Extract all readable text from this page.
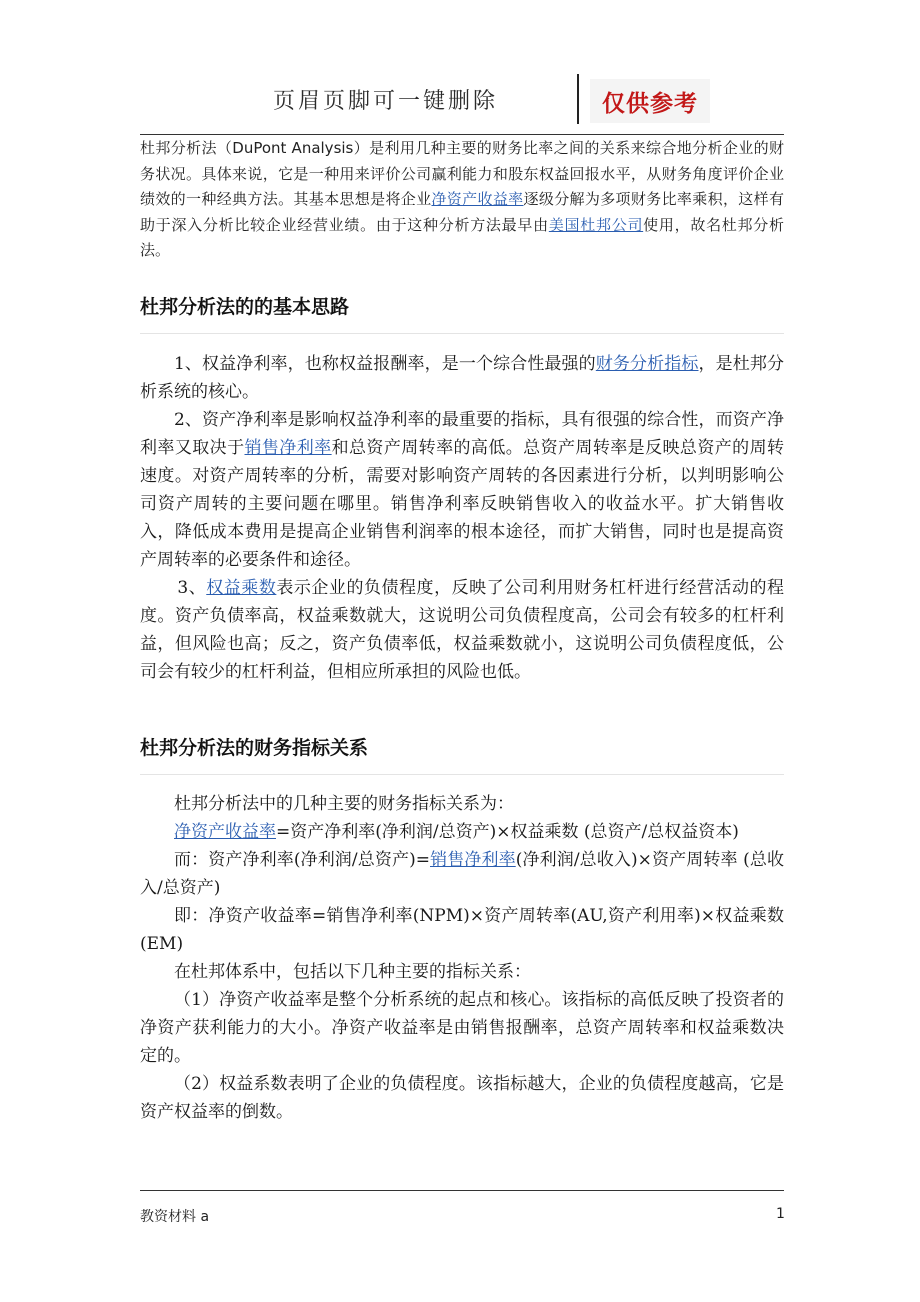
页眉页脚可一键删除	仅供参考
杜邦分析法（DuPont Analysis）是利用几种主要的财务比率之间的关系来综合地分析企业的财务状况。具体来说，它是一种用来评价公司赢利能力和股东权益回报水平，从财务角度评价企业绩效的一种经典方法。其基本思想是将企业净资产收益率逐级分解为多项财务比率乘积，这样有助于深入分析比较企业经营业绩。由于这种分析方法最早由美国杜邦公司使用，故名杜邦分析法。
杜邦分析法的的基本思路

1、权益净利率，也称权益报酬率，是一个综合性最强的财务分析指标，是杜邦分析系统的核心。

2、资产净利率是影响权益净利率的最重要的指标，具有很强的综合性，而资产净利率又取决于销售净利率和总资产周转率的高低。总资产周转率是反映总资产的周转速度。对资产周转率的分析，需要对影响资产周转的各因素进行分析，以判明影响公司资产周转的主要问题在哪里。销售净利率反映销售收入的收益水平。扩大销售收入，降低成本费用是提高企业销售利润率的根本途径，而扩大销售，同时也是提高资产周转率的必要条件和途径。

3、权益乘数表示企业的负债程度，反映了公司利用财务杠杆进行经营活动的程度。资产负债率高，权益乘数就大，这说明公司负债程度高，公司会有较多的杠杆利益，但风险也高；反之，资产负债率低，权益乘数就小，这说明公司负债程度低，公司会有较少的杠杆利益，但相应所承担的风险也低。

杜邦分析法的财务指标关系

杜邦分析法中的几种主要的财务指标关系为：

净资产收益率=资产净利率(净利润/总资产)×权益乘数 (总资产/总权益资本)

而：资产净利率(净利润/总资产)=销售净利率(净利润/总收入)×资产周转率 (总收入/总资产)

即：净资产收益率=销售净利率(NPM)×资产周转率(AU,资产利用率)×权益乘数(EM)

在杜邦体系中，包括以下几种主要的指标关系：

（1）净资产收益率是整个分析系统的起点和核心。该指标的高低反映了投资者的净资产获利能力的大小。净资产收益率是由销售报酬率，总资产周转率和权益乘数决定的。

（2）权益系数表明了企业的负债程度。该指标越大，企业的负债程度越高，它是资产权益率的倒数。

教资材料 a	1
